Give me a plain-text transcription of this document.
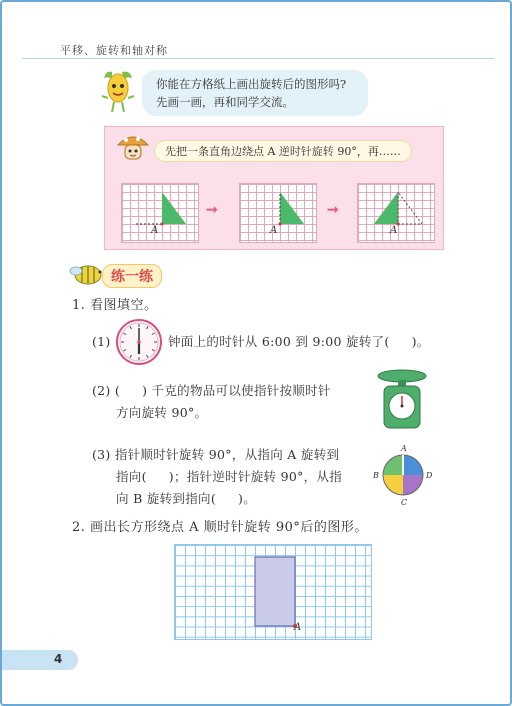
平移、旋转和轴对称
你能在方格纸上画出旋转后的图形吗?
先画一画，再和同学交流。
先把一条直角边绕点 A 逆时针旋转 90°，再……
A
➞
A
➞
A
练一练
1. 看图填空。
(1)	钟面上的时针从 6:00 到 9:00 旋转了( )。
(2) ( ) 千克的物品可以使指针按顺时针
方向旋转 90°。
(3) 指针顺时针旋转 90°，从指向 A 旋转到
指向( )；指针逆时针旋转 90°，从指
向 B 旋转到指向( )。
A
B
C
D
2. 画出长方形绕点 A 顺时针旋转 90°后的图形。
A
4
